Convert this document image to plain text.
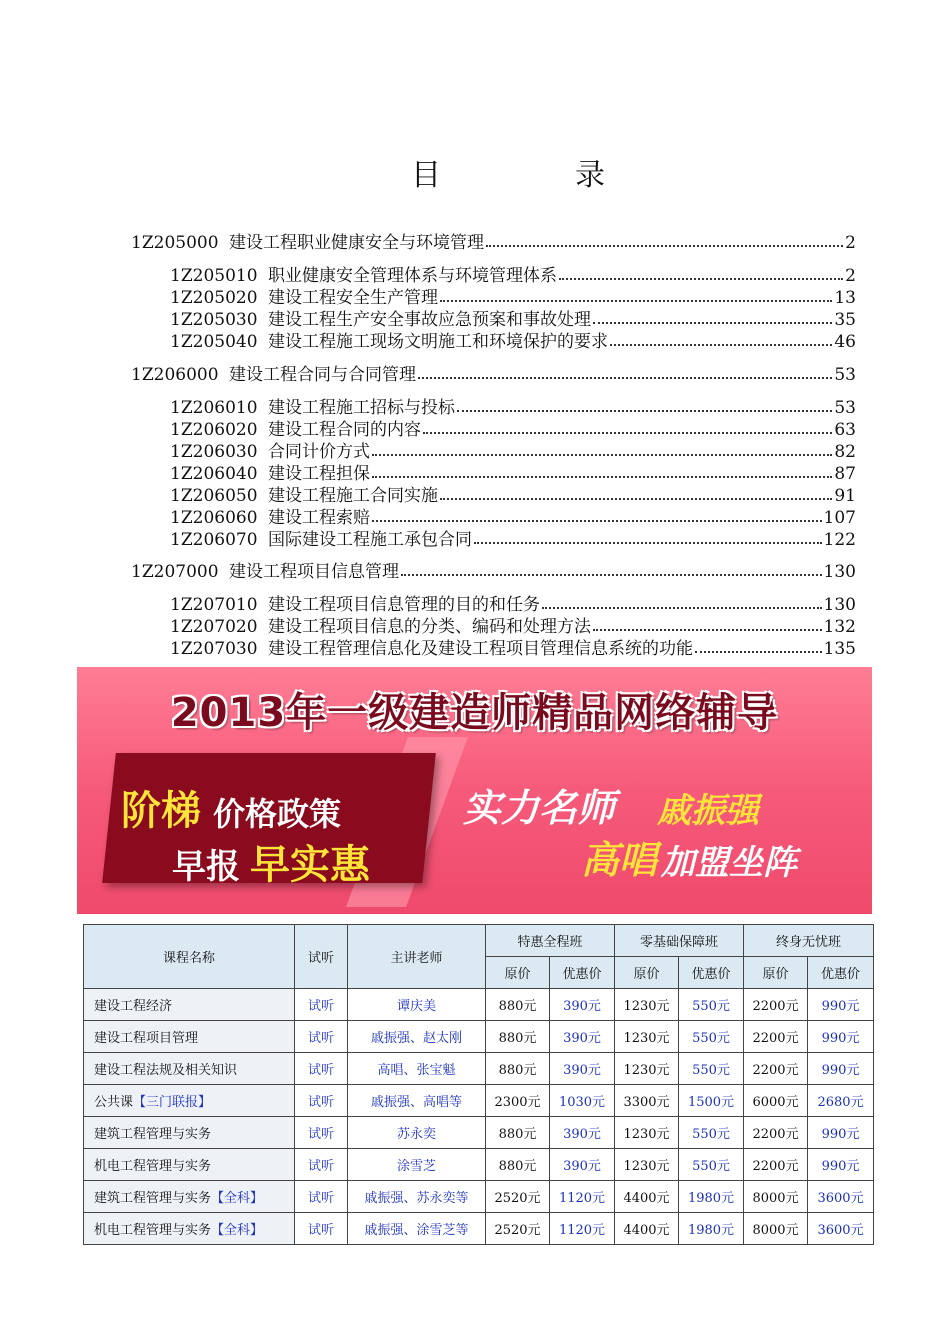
目	录
1Z205000 建设工程职业健康安全与环境管理	2
1Z205010 职业健康安全管理体系与环境管理体系	2
1Z205020 建设工程安全生产管理	13
1Z205030 建设工程生产安全事故应急预案和事故处理	35
1Z205040 建设工程施工现场文明施工和环境保护的要求	46
1Z206000 建设工程合同与合同管理	53
1Z206010 建设工程施工招标与投标	53
1Z206020 建设工程合同的内容	63
1Z206030 合同计价方式	82
1Z206040 建设工程担保	87
1Z206050 建设工程施工合同实施	91
1Z206060 建设工程索赔	107
1Z206070 国际建设工程施工承包合同	122
1Z207000 建设工程项目信息管理	130
1Z207010 建设工程项目信息管理的目的和任务	130
1Z207020 建设工程项目信息的分类、编码和处理方法	132
1Z207030 建设工程管理信息化及建设工程项目管理信息系统的功能	135
2013年一级建造师精品网络辅导
阶梯 价格政策
早报 早实惠
实力名师 戚振强
高唱 加盟坐阵
课程名称	试听	主讲老师	特惠全程班		零基础保障班		终身无忧班	
			原价	优惠价	原价	优惠价	原价	优惠价
建设工程经济	试听	谭庆美	880元	390元	1230元	550元	2200元	990元
建设工程项目管理	试听	戚振强、赵太刚	880元	390元	1230元	550元	2200元	990元
建设工程法规及相关知识	试听	高唱、张宝魁	880元	390元	1230元	550元	2200元	990元
公共课【三门联报】	试听	戚振强、高唱等	2300元	1030元	3300元	1500元	6000元	2680元
建筑工程管理与实务	试听	苏永奕	880元	390元	1230元	550元	2200元	990元
机电工程管理与实务	试听	涂雪芝	880元	390元	1230元	550元	2200元	990元
建筑工程管理与实务【全科】	试听	戚振强、苏永奕等	2520元	1120元	4400元	1980元	8000元	3600元
机电工程管理与实务【全科】	试听	戚振强、涂雪芝等	2520元	1120元	4400元	1980元	8000元	3600元
